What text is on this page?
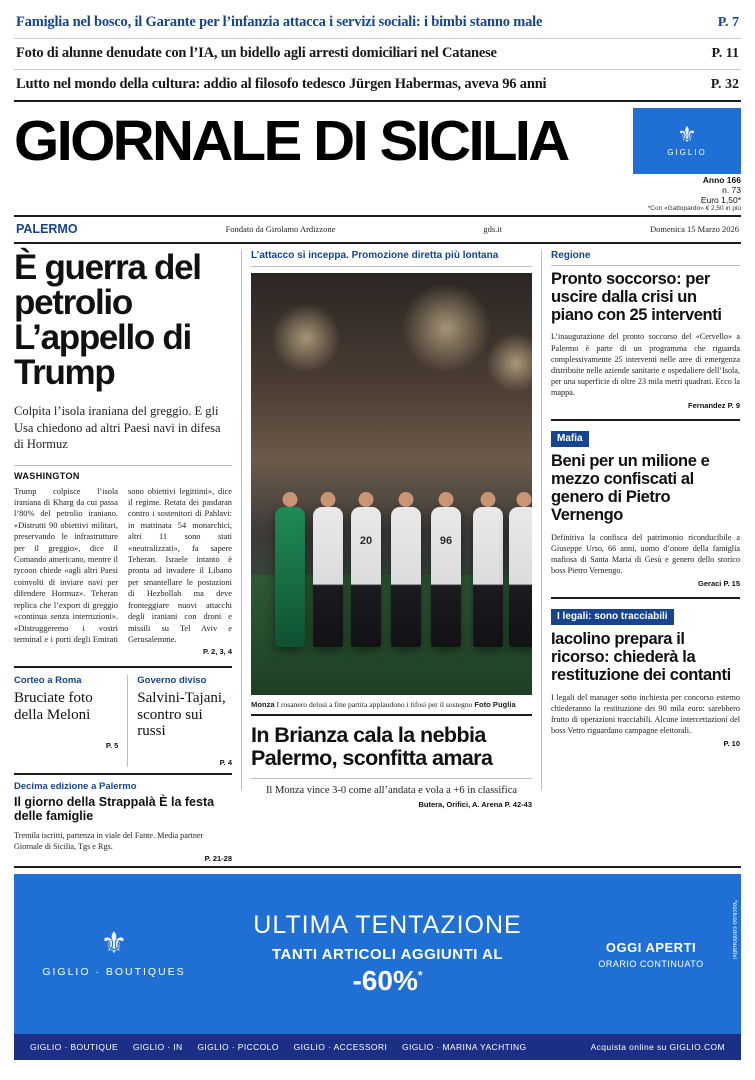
Famiglia nel bosco, il Garante per l’infanzia attacca i servizi sociali: i bimbi stanno male	P. 7
Foto di alunne denudate con l’IA, un bidello agli arresti domiciliari nel Catanese	P. 11
Lutto nel mondo della cultura: addio al filosofo tedesco Jürgen Habermas, aveva 96 anni	P. 32
GIORNALE DI SICILIA	⚜
GIGLIO
Anno 166
n. 73
Euro 1,50*
*Con «Gattopardo» € 2,50 in più
PALERMO	Fondato da Girolamo Ardizzone	gds.it	Domenica 15 Marzo 2026
È guerra del petrolio L’appello di Trump
Colpita l’isola iraniana del greggio. E gli Usa chiedono ad altri Paesi navi in difesa di Hormuz
WASHINGTON
Trump colpisce l’isola iraniana di Kharg da cui passa l’80% del petrolio iraniano. «Distrutti 90 obiettivi militari, preservando le infrastrutture per il greggio», dice il Comando americano, mentre il tycoon chiede «agli altri Paesi coinvolti di inviare navi per difendere Hormuz». Teheran replica che l’export di greggio «continua senza interruzioni». «Distruggeremo i vostri terminal e i porti degli Emirati sono obiettivi legittimi», dice il regime. Retata dei pasdaran contro i sostenitori di Pahlavi: in mattinata 54 monarchici, altri 11 sono stati «neutralizzati», fa sapere Teheran. Israele intanto è pronta ad invadere il Libano per smantellare le postazioni di Hezbollah ma deve fronteggiare nuovi attacchi degli iraniani con droni e missili su Tel Aviv e Gerusalemme.
P. 2, 3, 4
Corteo a Roma
Bruciate foto della Meloni
P. 5
Governo diviso
Salvini-Tajani, scontro sui russi
P. 4
Decima edizione a Palermo
Il giorno della Strappalà È la festa delle famiglie
Tremila iscritti, partenza in viale del Fante. Media partner Giornale di Sicilia, Tgs e Rgs.
P. 21-28
L’attacco si inceppa. Promozione diretta più lontana
20	96
Monza I rosanero delusi a fine partita applaudono i tifosi per il sostegno Foto Puglia
In Brianza cala la nebbia Palermo, sconfitta amara
Il Monza vince 3-0 come all’andata e vola a +6 in classifica
Butera, Orifici, A. Arena P. 42-43
Regione
Pronto soccorso: per uscire dalla crisi un piano con 25 interventi
L’inaugurazione del pronto soccorso del «Cervello» a Palermo è parte di un programma che riguarda complessivamente 25 interventi nelle aree di emergenza distribuite nelle aziende sanitarie e ospedaliere dell’Isola, per una superficie di oltre 23 mila metri quadrati. Ecco la mappa.
Fernandez P. 9
Mafia
Beni per un milione e mezzo confiscati al genero di Pietro Vernengo
Definitiva la confisca del patrimonio riconducibile a Giuseppe Urso, 66 anni, uomo d’onore della famiglia mafiosa di Santa Maria di Gesù e genero dello storico boss Pietro Vernengo.
Geraci P. 15
I legali: sono tracciabili
Iacolino prepara il ricorso: chiederà la restituzione dei contanti
I legali del manager sotto inchiesta per concorso esterno chiederanno la restituzione dei 90 mila euro: sarebbero frutto di operazioni tracciabili. Alcune intercettazioni del boss Vetro riguardano campagne elettorali.
P. 10
⚜
GIGLIO · BOUTIQUES
ULTIMA TENTAZIONE
TANTI ARTICOLI AGGIUNTI AL
-60%*
OGGI APERTI
ORARIO CONTINUATO
*escluso continuativi
GIGLIO · BOUTIQUE GIGLIO · IN GIGLIO · PICCOLO GIGLIO · ACCESSORI GIGLIO · MARINA YACHTING	Acquista online su GIGLIO.COM
